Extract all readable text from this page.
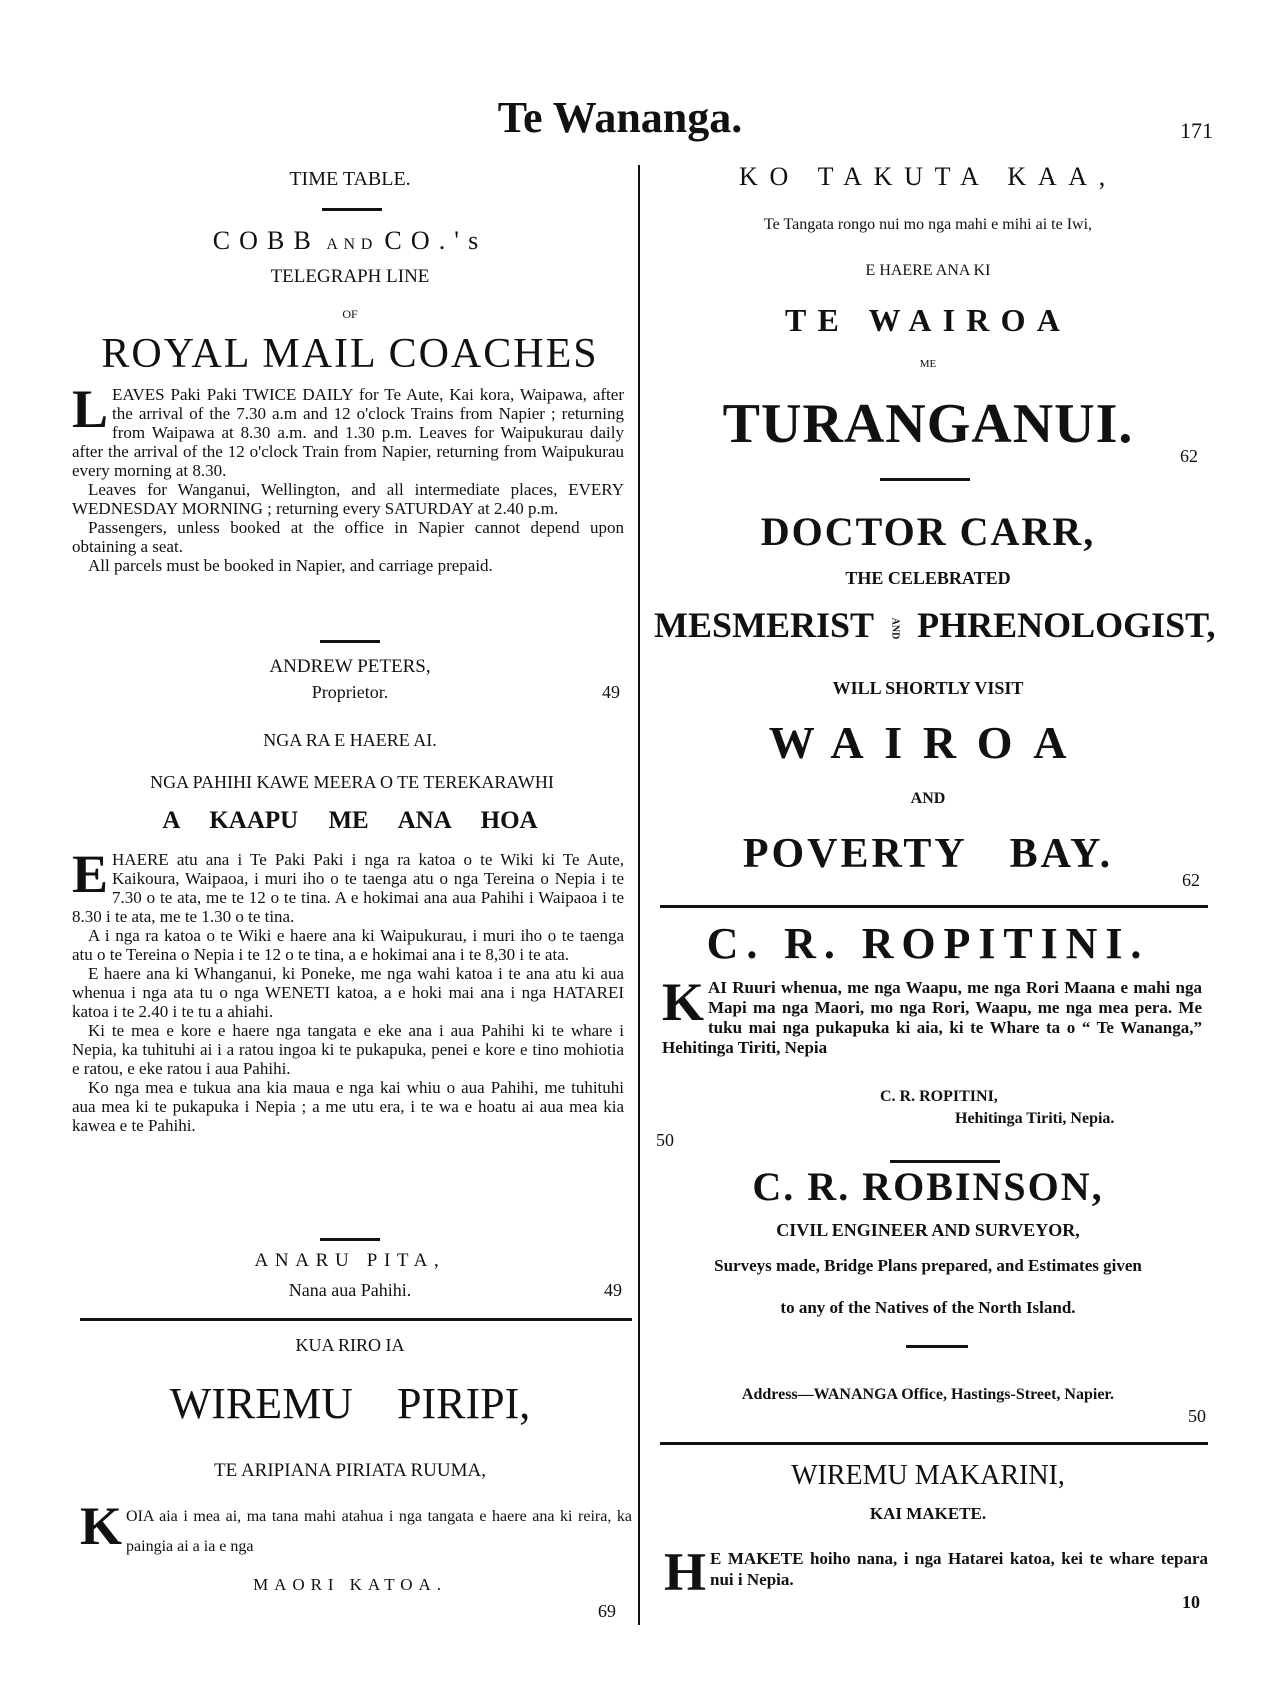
Te Wananga.	171
TIME TABLE.
COBB AND CO.'s
TELEGRAPH LINE
OF
ROYAL MAIL COACHES
L EAVES Paki Paki TWICE DAILY for Te Aute, Kai kora, Waipawa, after the arrival of the 7.30 a.m and 12 o'clock Trains from Napier ; returning from Waipawa at 8.30 a.m. and 1.30 p.m. Leaves for Waipukurau daily after the arrival of the 12 o'clock Train from Napier, returning from Waipukurau every morning at 8.30.

Leaves for Wanganui, Wellington, and all intermediate places, EVERY WEDNESDAY MORNING ; returning every SATURDAY at 2.40 p.m.

Passengers, unless booked at the office in Napier cannot depend upon obtaining a seat.

All parcels must be booked in Napier, and carriage prepaid.

ANDREW PETERS,
Proprietor.	49
NGA RA E HAERE AI.
NGA PAHIHI KAWE MEERA O TE TEREKARAWHI
A KAAPU ME ANA HOA
E HAERE atu ana i Te Paki Paki i nga ra katoa o te Wiki ki Te Aute, Kaikoura, Waipaoa, i muri iho o te taenga atu o nga Tereina o Nepia i te 7.30 o te ata, me te 12 o te tina. A e hokimai ana aua Pahihi i Waipaoa i te 8.30 i te ata, me te 1.30 o te tina.

A i nga ra katoa o te Wiki e haere ana ki Waipukurau, i muri iho o te taenga atu o te Tereina o Nepia i te 12 o te tina, a e hokimai ana i te 8,30 i te ata.

E haere ana ki Whanganui, ki Poneke, me nga wahi katoa i te ana atu ki aua whenua i nga ata tu o nga WENETI katoa, a e hoki mai ana i nga HATAREI katoa i te 2.40 i te tu a ahiahi.

Ki te mea e kore e haere nga tangata e eke ana i aua Pahihi ki te whare i Nepia, ka tuhituhi ai i a ratou ingoa ki te pukapuka, penei e kore e tino mohiotia e ratou, e eke ratou i aua Pahihi.

Ko nga mea e tukua ana kia maua e nga kai whiu o aua Pahihi, me tuhituhi aua mea ki te pukapuka i Nepia ; a me utu era, i te wa e hoatu ai aua mea kia kawea e te Pahihi.

ANARU PITA,
Nana aua Pahihi.	49
KUA RIRO IA
WIREMU    PIRIPI,
TE ARIPIANA PIRIATA RUUMA,
K OIA aia i mea ai, ma tana mahi atahua i nga tangata e haere ana ki reira, ka paingia ai a ia e nga

MAORI KATOA.
69
KO TAKUTA KAA,
Te Tangata rongo nui mo nga mahi e mihi ai te Iwi,
E HAERE ANA KI
TE WAIROA
ME
TURANGANUI.
62
DOCTOR CARR,
THE CELEBRATED
MESMERIST AND PHRENOLOGIST,
WILL SHORTLY VISIT
WAIROA
AND
POVERTY BAY.
62
C. R. ROPITINI.
K AI Ruuri whenua, me nga Waapu, me nga Rori Maana e mahi nga Mapi ma nga Maori, mo nga Rori, Waapu, me nga mea pera. Me tuku mai nga pukapuka ki aia, ki te Whare ta o “ Te Wananga,” Hehitinga Tiriti, Nepia

C. R. ROPITINI,
Hehitinga Tiriti, Nepia.
50
C. R. ROBINSON,
CIVIL ENGINEER AND SURVEYOR,
Surveys made, Bridge Plans prepared, and Estimates given
to any of the Natives of the North Island.
Address—WANANGA Office, Hastings-Street, Napier.
50
WIREMU MAKARINI,
KAI MAKETE.
H E MAKETE hoiho nana, i nga Hatarei katoa, kei te whare tepara nui i Nepia.

10
